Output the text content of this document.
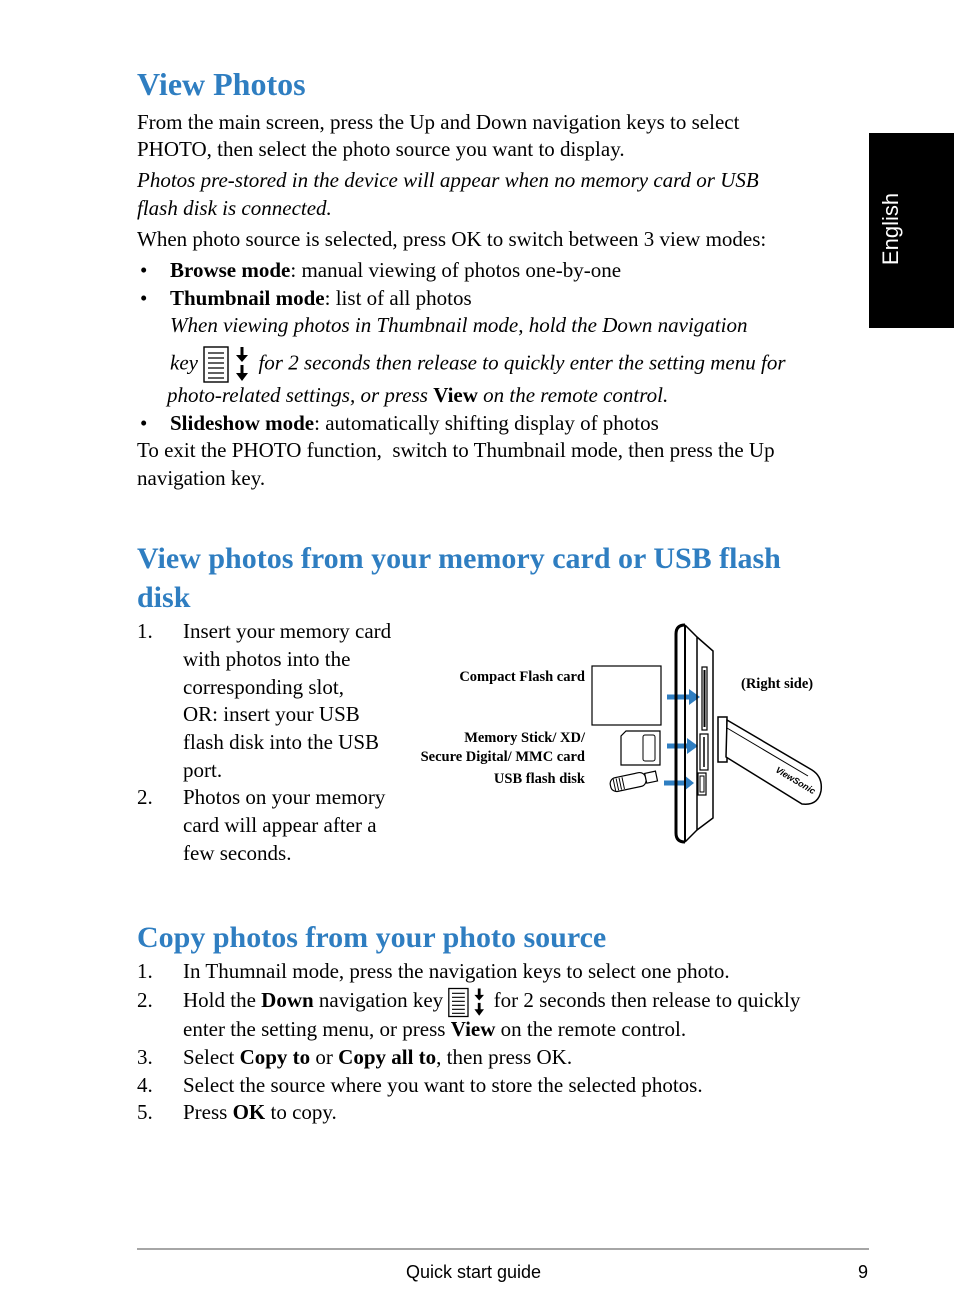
English
View Photos
From the main screen, press the Up and Down navigation keys to select
PHOTO, then select the photo source you want to display.
Photos pre-stored in the device will appear when no memory card or USB
flash disk is connected.
When photo source is selected, press OK to switch between 3 view modes:
• Browse mode: manual viewing of photos one-by-one
• Thumbnail mode: list of all photos
When viewing photos in Thumbnail mode, hold the Down navigation
key	for 2 seconds then release to quickly enter the setting menu for
photo-related settings, or press View on the remote control.
• Slideshow mode: automatically shifting display of photos
To exit the PHOTO function,  switch to Thumbnail mode, then press the Up
navigation key.
View photos from your memory card or USB flash
disk
1. Insert your memory card
with photos into the
corresponding slot,
OR: insert your USB
flash disk into the USB
port.
2. Photos on your memory
card will appear after a
few seconds.
Compact Flash card
Memory Stick/ XD/
Secure Digital/ MMC card
USB flash disk
(Right side)
ViewSonic
Copy photos from your photo source
1. In Thumnail mode, press the navigation keys to select one photo.
2. Hold the Down navigation key for 2 seconds then release to quickly
enter the setting menu, or press View on the remote control.
3. Select Copy to or Copy all to, then press OK.
4. Select the source where you want to store the selected photos.
5. Press OK to copy.
Quick start guide	9
